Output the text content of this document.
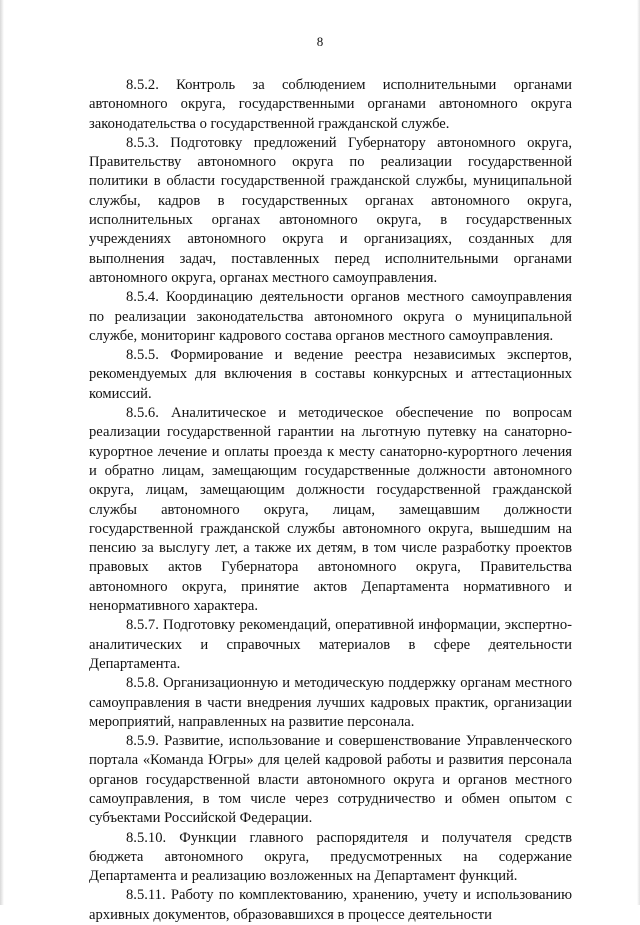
8

8.5.2. Контроль за соблюдением исполнительными органами автономного округа, государственными органами автономного округа законодательства о государственной гражданской службе.

8.5.3. Подготовку предложений Губернатору автономного округа, Правительству автономного округа по реализации государственной политики в области государственной гражданской службы, муниципальной службы, кадров в государственных органах автономного округа, исполнительных органах автономного округа, в государственных учреждениях автономного округа и организациях, созданных для выполнения задач, поставленных перед исполнительными органами автономного округа, органах местного самоуправления.

8.5.4. Координацию деятельности органов местного самоуправления по реализации законодательства автономного округа о муниципальной службе, мониторинг кадрового состава органов местного самоуправления.

8.5.5. Формирование и ведение реестра независимых экспертов, рекомендуемых для включения в составы конкурсных и аттестационных комиссий.

8.5.6. Аналитическое и методическое обеспечение по вопросам реализации государственной гарантии на льготную путевку на санаторно-курортное лечение и оплаты проезда к месту санаторно-курортного лечения и обратно лицам, замещающим государственные должности автономного округа, лицам, замещающим должности государственной гражданской службы автономного округа, лицам, замещавшим должности государственной гражданской службы автономного округа, вышедшим на пенсию за выслугу лет, а также их детям, в том числе разработку проектов правовых актов Губернатора автономного округа, Правительства автономного округа, принятие актов Департамента нормативного и ненормативного характера.

8.5.7. Подготовку рекомендаций, оперативной информации, экспертно-аналитических и справочных материалов в сфере деятельности Департамента.

8.5.8. Организационную и методическую поддержку органам местного самоуправления в части внедрения лучших кадровых практик, организации мероприятий, направленных на развитие персонала.

8.5.9. Развитие, использование и совершенствование Управленческого портала «Команда Югры» для целей кадровой работы и развития персонала органов государственной власти автономного округа и органов местного самоуправления, в том числе через сотрудничество и обмен опытом с субъектами Российской Федерации.

8.5.10. Функции главного распорядителя и получателя средств бюджета автономного округа, предусмотренных на содержание Департамента и реализацию возложенных на Департамент функций.

8.5.11. Работу по комплектованию, хранению, учету и использованию архивных документов, образовавшихся в процессе деятельности
